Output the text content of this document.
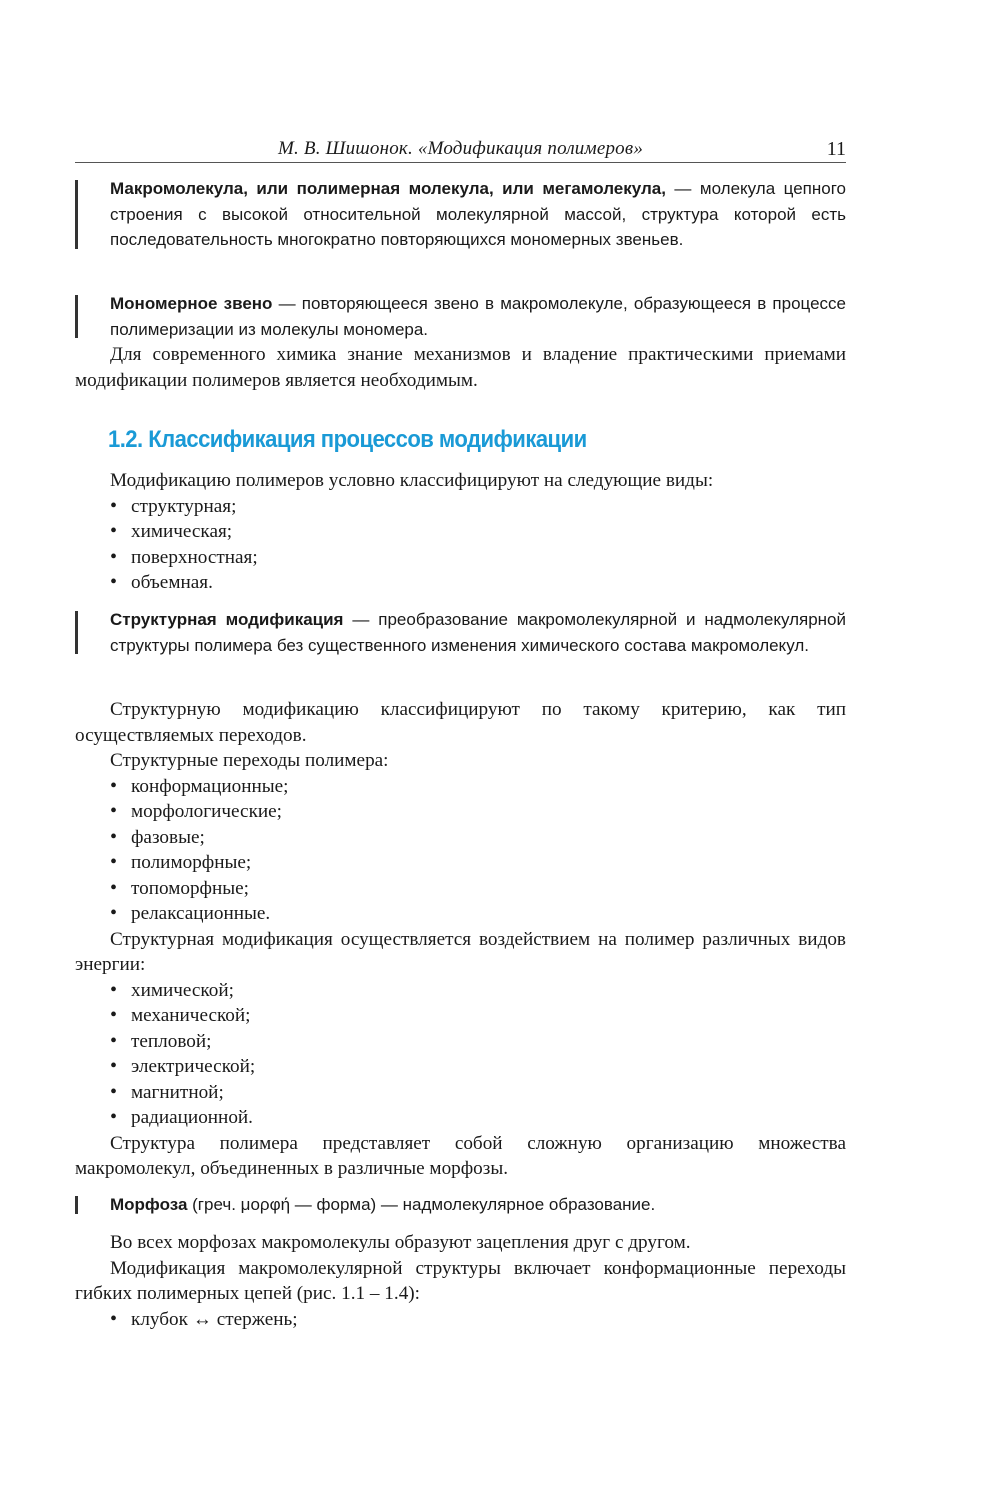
М. В. Шишонок. «Модификация полимеров»	11
Макромолекула, или полимерная молекула, или мегамолекула, — молекула цепного строения с высокой относительной молекулярной массой, структура которой есть последовательность многократно повторяющихся мономерных звеньев.
Мономерное звено — повторяющееся звено в макромолекуле, образующееся в процессе полимеризации из молекулы мономера.

Для современного химика знание механизмов и владение практическими приемами модификации полимеров является необходимым.

1.2. Классификация процессов модификации
Модификацию полимеров условно классифицируют на следующие виды:
• структурная;
• химическая;
• поверхностная;
• объемная.
Структурная модификация — преобразование макромолекулярной и надмолекулярной структуры полимера без существенного изменения химического состава макромолекул.
Структурную модификацию классифицируют по такому критерию, как тип осуществляемых переходов.
Структурные переходы полимера:
• конформационные;
• морфологические;
• фазовые;
• полиморфные;
• топоморфные;
• релаксационные.
Структурная модификация осуществляется воздействием на полимер различных видов энергии:
• химической;
• механической;
• тепловой;
• электрической;
• магнитной;
• радиационной.
Структура полимера представляет собой сложную организацию множества макромолекул, объединенных в различные морфозы.
Морфоза (греч. μορφή — форма) — надмолекулярное образование.
Во всех морфозах макромолекулы образуют зацепления друг с другом.
Модификация макромолекулярной структуры включает конформационные переходы гибких полимерных цепей (рис. 1.1 – 1.4):
• клубок ↔ стержень;
